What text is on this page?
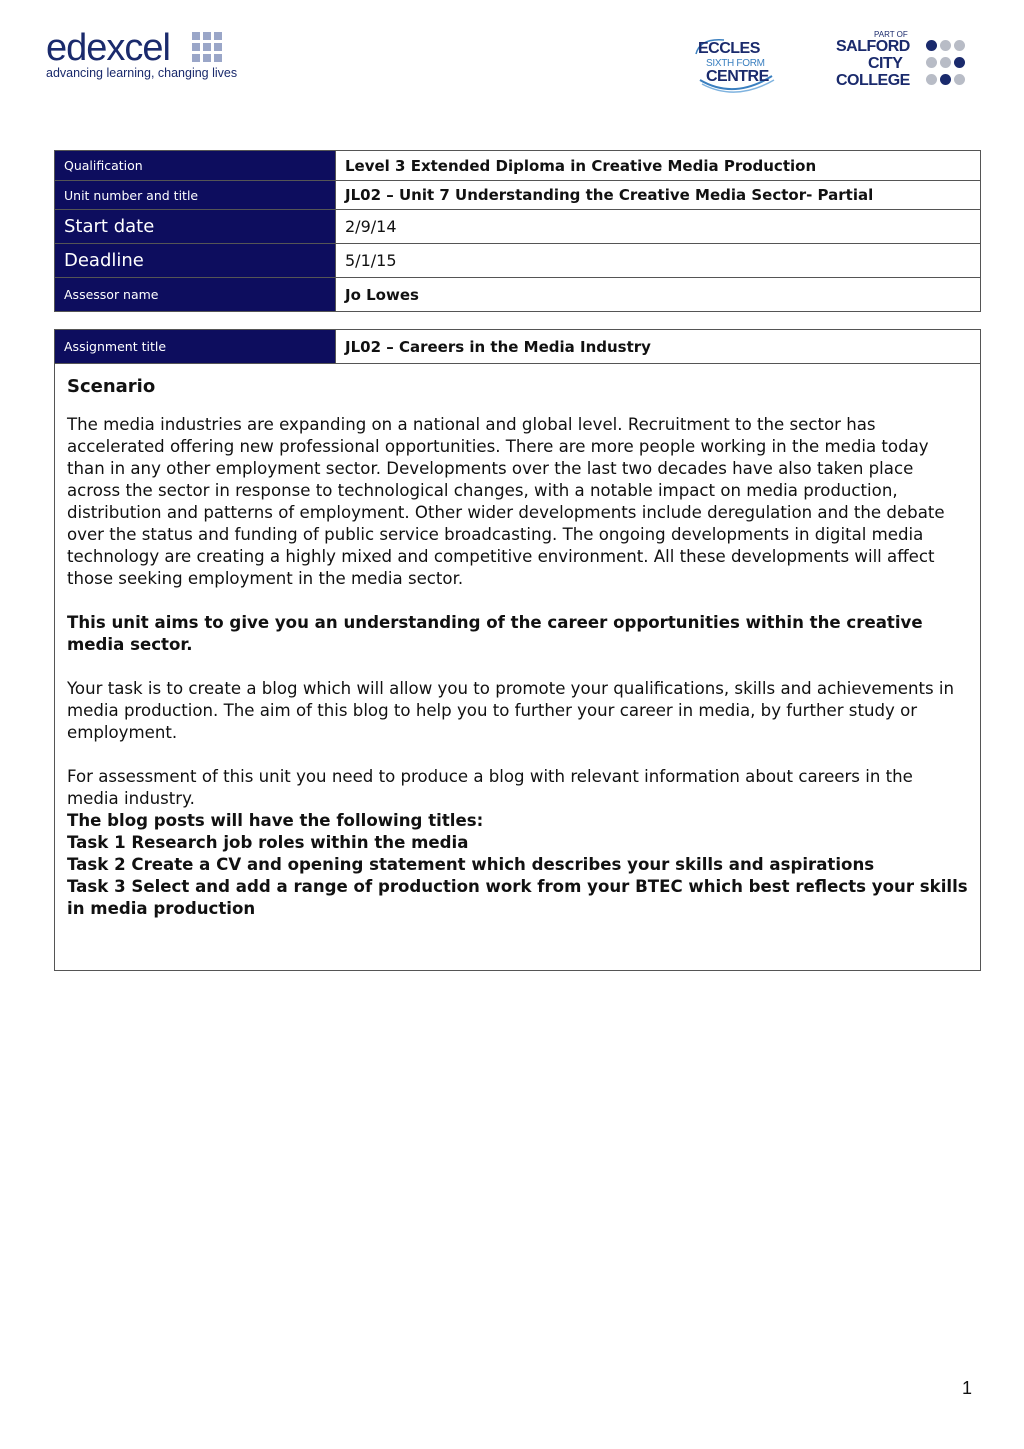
edexcel
advancing learning, changing lives
ECCLES
SIXTH FORM
CENTRE
PART OF
SALFORD
CITY
COLLEGE
Qualification	Level 3 Extended Diploma in Creative Media Production
Unit number and title	JL02 – Unit 7 Understanding the Creative Media Sector- Partial
Start date	2/9/14
Deadline	5/1/15
Assessor name	Jo Lowes
Assignment title	JL02 – Careers in the Media Industry

Scenario

The media industries are expanding on a national and global level. Recruitment to the sector has accelerated offering new professional opportunities. There are more people working in the media today than in any other employment sector. Developments over the last two decades have also taken place across the sector in response to technological changes, with a notable impact on media production, distribution and patterns of employment. Other wider developments include deregulation and the debate over the status and funding of public service broadcasting. The ongoing developments in digital media technology are creating a highly mixed and competitive environment. All these developments will affect those seeking employment in the media sector.

This unit aims to give you an understanding of the career opportunities within the creative media sector.

Your task is to create a blog which will allow you to promote your qualifications, skills and achievements in media production. The aim of this blog to help you to further your career in media, by further study or employment.

For assessment of this unit you need to produce a blog with relevant information about careers in the media industry.

The blog posts will have the following titles:

Task 1 Research job roles within the media

Task 2 Create a CV and opening statement which describes your skills and aspirations

Task 3 Select and add a range of production work from your BTEC which best reflects your skills in media production

1
